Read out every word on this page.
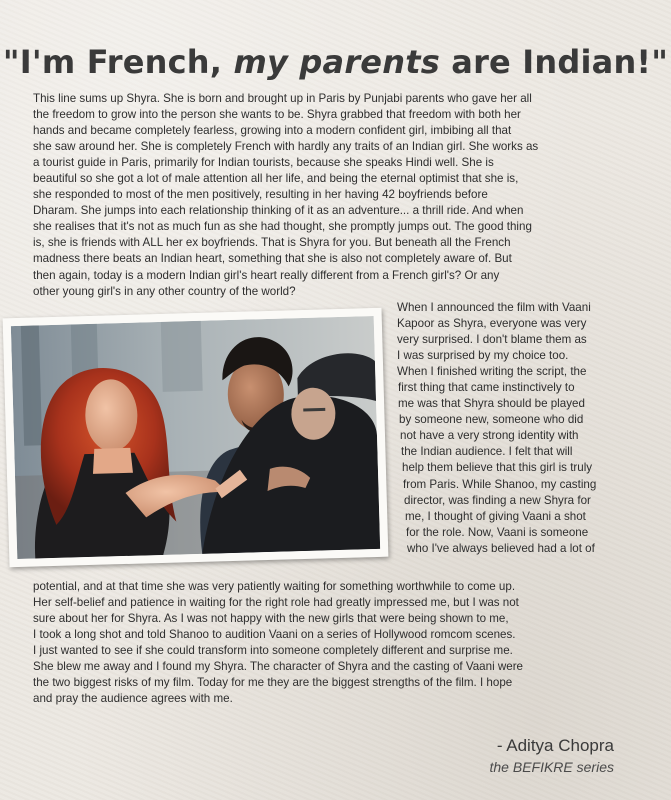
"I'm French, my parents are Indian!"
This line sums up Shyra. She is born and brought up in Paris by Punjabi parents who gave her all
the freedom to grow into the person she wants to be. Shyra grabbed that freedom with both her
hands and became completely fearless, growing into a modern confident girl, imbibing all that
she saw around her. She is completely French with hardly any traits of an Indian girl. She works as
a tourist guide in Paris, primarily for Indian tourists, because she speaks Hindi well. She is
beautiful so she got a lot of male attention all her life, and being the eternal optimist that she is,
she responded to most of the men positively, resulting in her having 42 boyfriends before
Dharam. She jumps into each relationship thinking of it as an adventure... a thrill ride. And when
she realises that it's not as much fun as she had thought, she promptly jumps out. The good thing
is, she is friends with ALL her ex boyfriends. That is Shyra for you. But beneath all the French
madness there beats an Indian heart, something that she is also not completely aware of. But
then again, today is a modern Indian girl's heart really different from a French girl's? Or any
other young girl's in any other country of the world?
When I announced the film with Vaani
Kapoor as Shyra, everyone was very
very surprised. I don't blame them as
I was surprised by my choice too.
When I finished writing the script, the
first thing that came instinctively to
me was that Shyra should be played
by someone new, someone who did
not have a very strong identity with
the Indian audience. I felt that will
help them believe that this girl is truly
from Paris. While Shanoo, my casting
director, was finding a new Shyra for
me, I thought of giving Vaani a shot
for the role. Now, Vaani is someone
who I've always believed had a lot of
potential, and at that time she was very patiently waiting for something worthwhile to come up.
Her self-belief and patience in waiting for the right role had greatly impressed me, but I was not
sure about her for Shyra. As I was not happy with the new girls that were being shown to me,
I took a long shot and told Shanoo to audition Vaani on a series of Hollywood romcom scenes.
I just wanted to see if she could transform into someone completely different and surprise me.
She blew me away and I found my Shyra. The character of Shyra and the casting of Vaani were
the two biggest risks of my film. Today for me they are the biggest strengths of the film. I hope
and pray the audience agrees with me.
- Aditya Chopra
the BEFIKRE series
